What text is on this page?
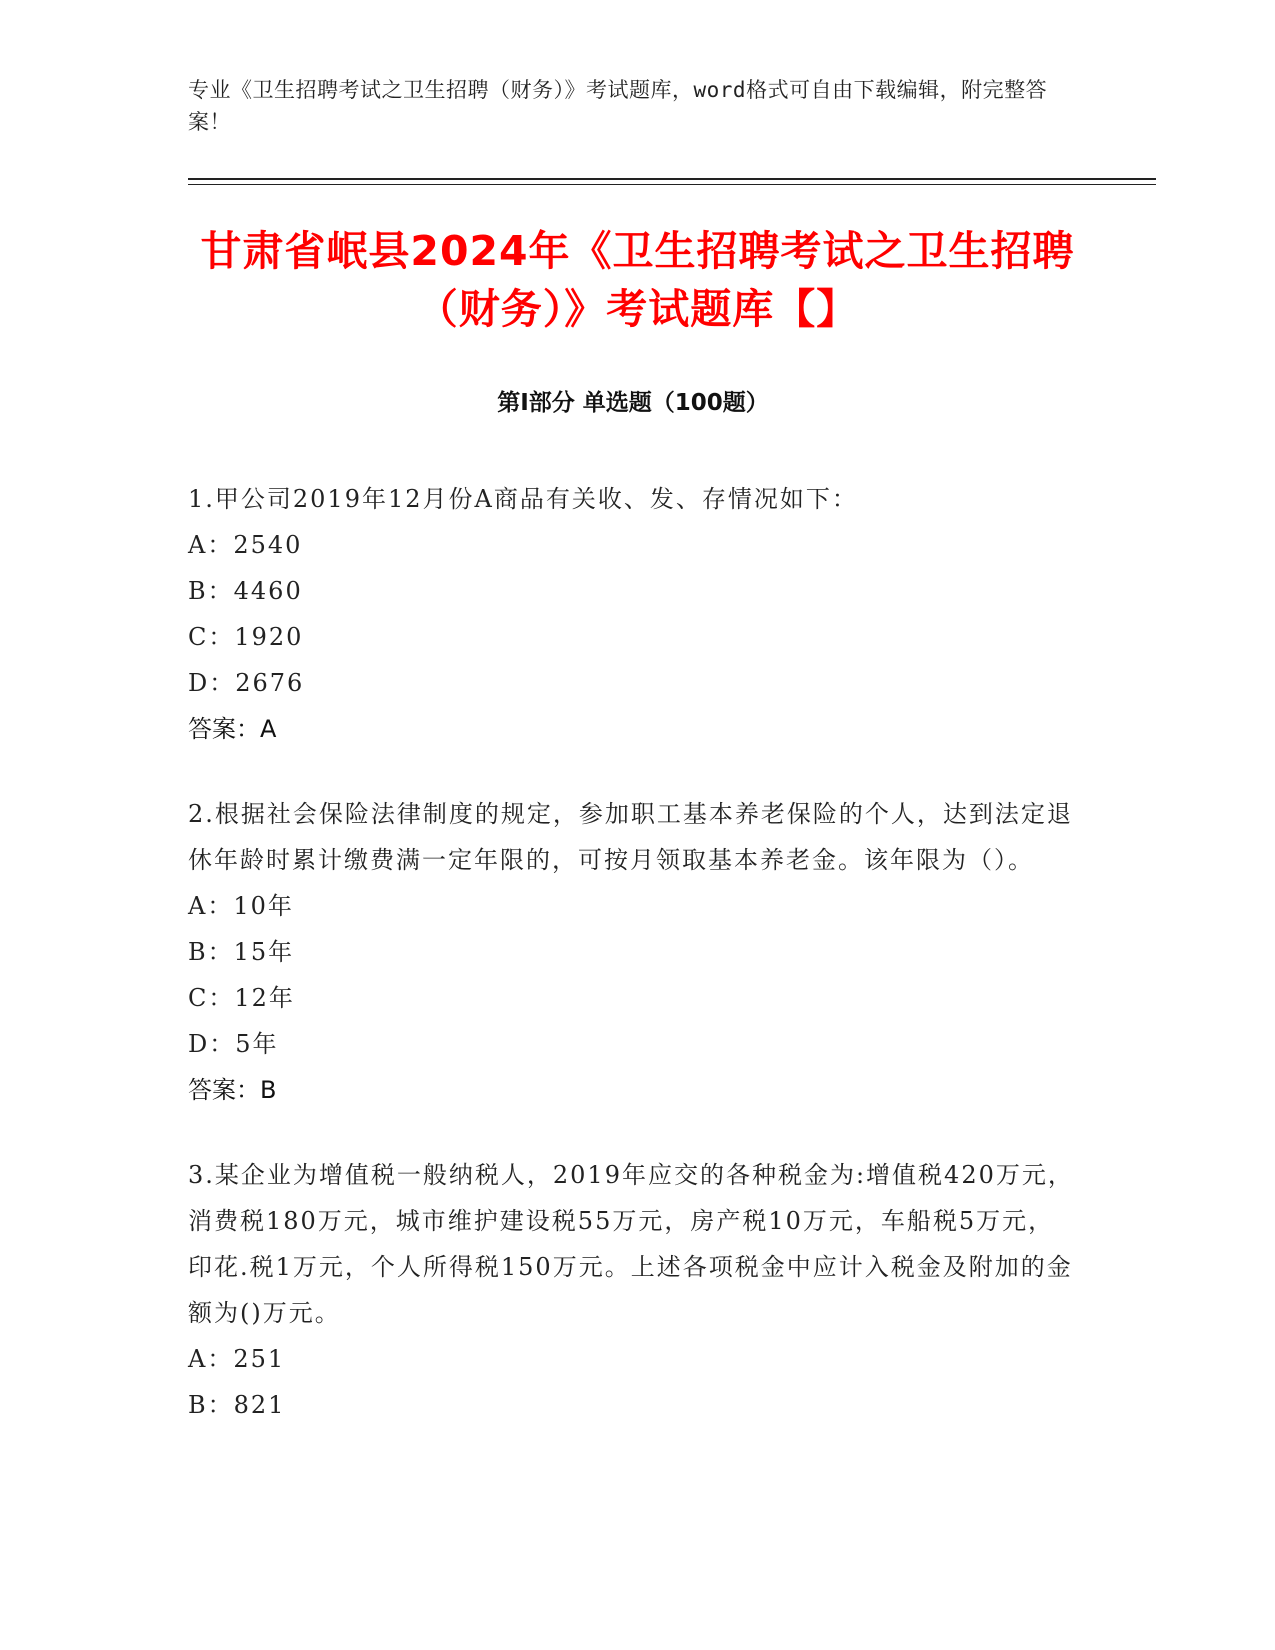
专业《卫生招聘考试之卫生招聘（财务）》考试题库，word格式可自由下载编辑，附完整答案！
甘肃省岷县2024年《卫生招聘考试之卫生招聘（财务）》考试题库【】
第I部分 单选题（100题）

1.甲公司2019年12月份A商品有关收、发、存情况如下：

A：2540
B：4460
C：1920
D：2676

答案：A

2.根据社会保险法律制度的规定，参加职工基本养老保险的个人，达到法定退休年龄时累计缴费满一定年限的，可按月领取基本养老金。该年限为（）。

A：10年
B：15年
C：12年
D：5年

答案：B

3.某企业为增值税一般纳税人，2019年应交的各种税金为:增值税420万元，消费税180万元，城市维护建设税55万元，房产税10万元，车船税5万元，印花.税1万元，个人所得税150万元。上述各项税金中应计入税金及附加的金额为()万元。

A：251
B：821
